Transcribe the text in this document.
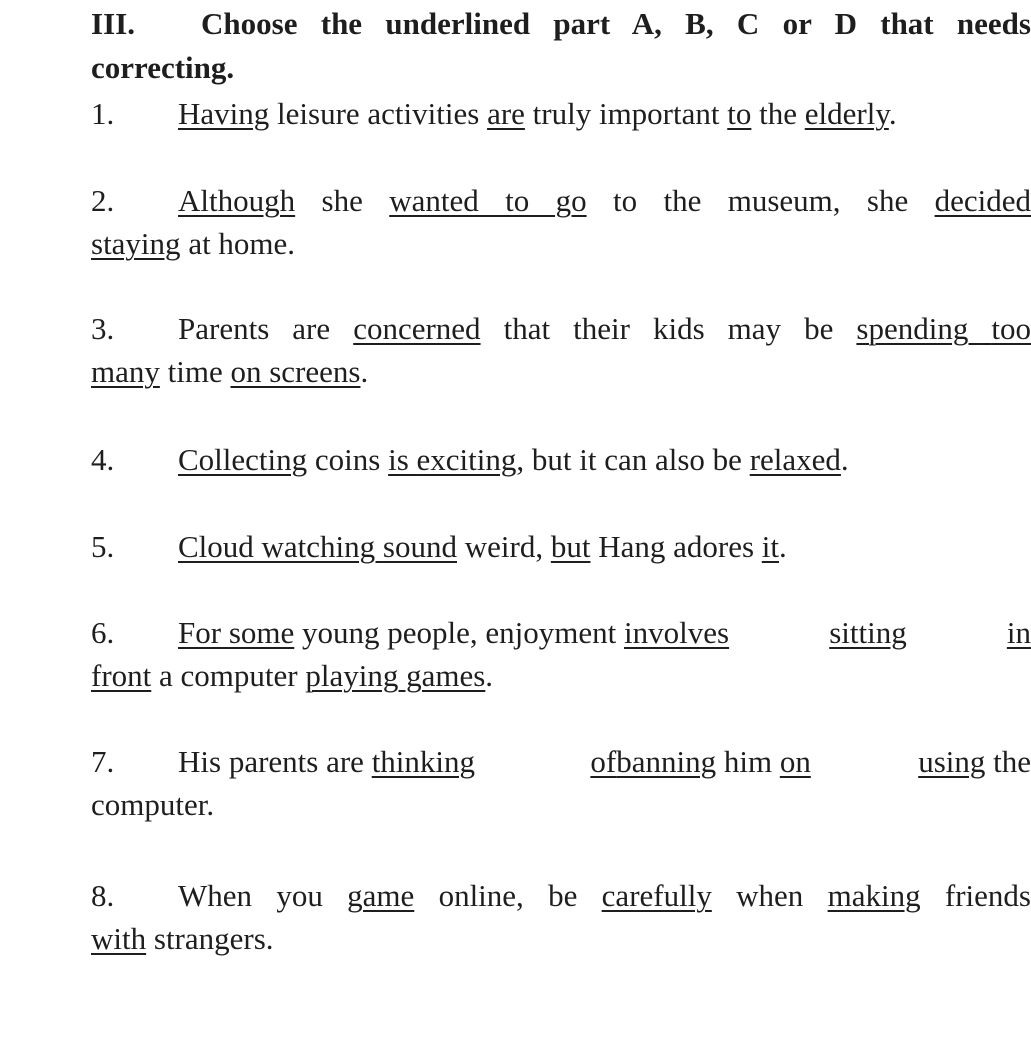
III. Choose the underlined part A, B, C or D that needs
correcting.

1. Having leisure activities are truly important to the elderly.

2. Although she wanted to go to the museum, she decided
staying at home.

3. Parents are concerned that their kids may be spending too
many time on screens.

4. Collecting coins is exciting, but it can also be relaxed.

5. Cloud watching sound weird, but Hang adores it.

6. For some young people, enjoyment involves	sitting	in
front a computer playing games.

7. His parents are thinking	ofbanning him on	using the
computer.

8. When you game online, be carefully when making friends
with strangers.
